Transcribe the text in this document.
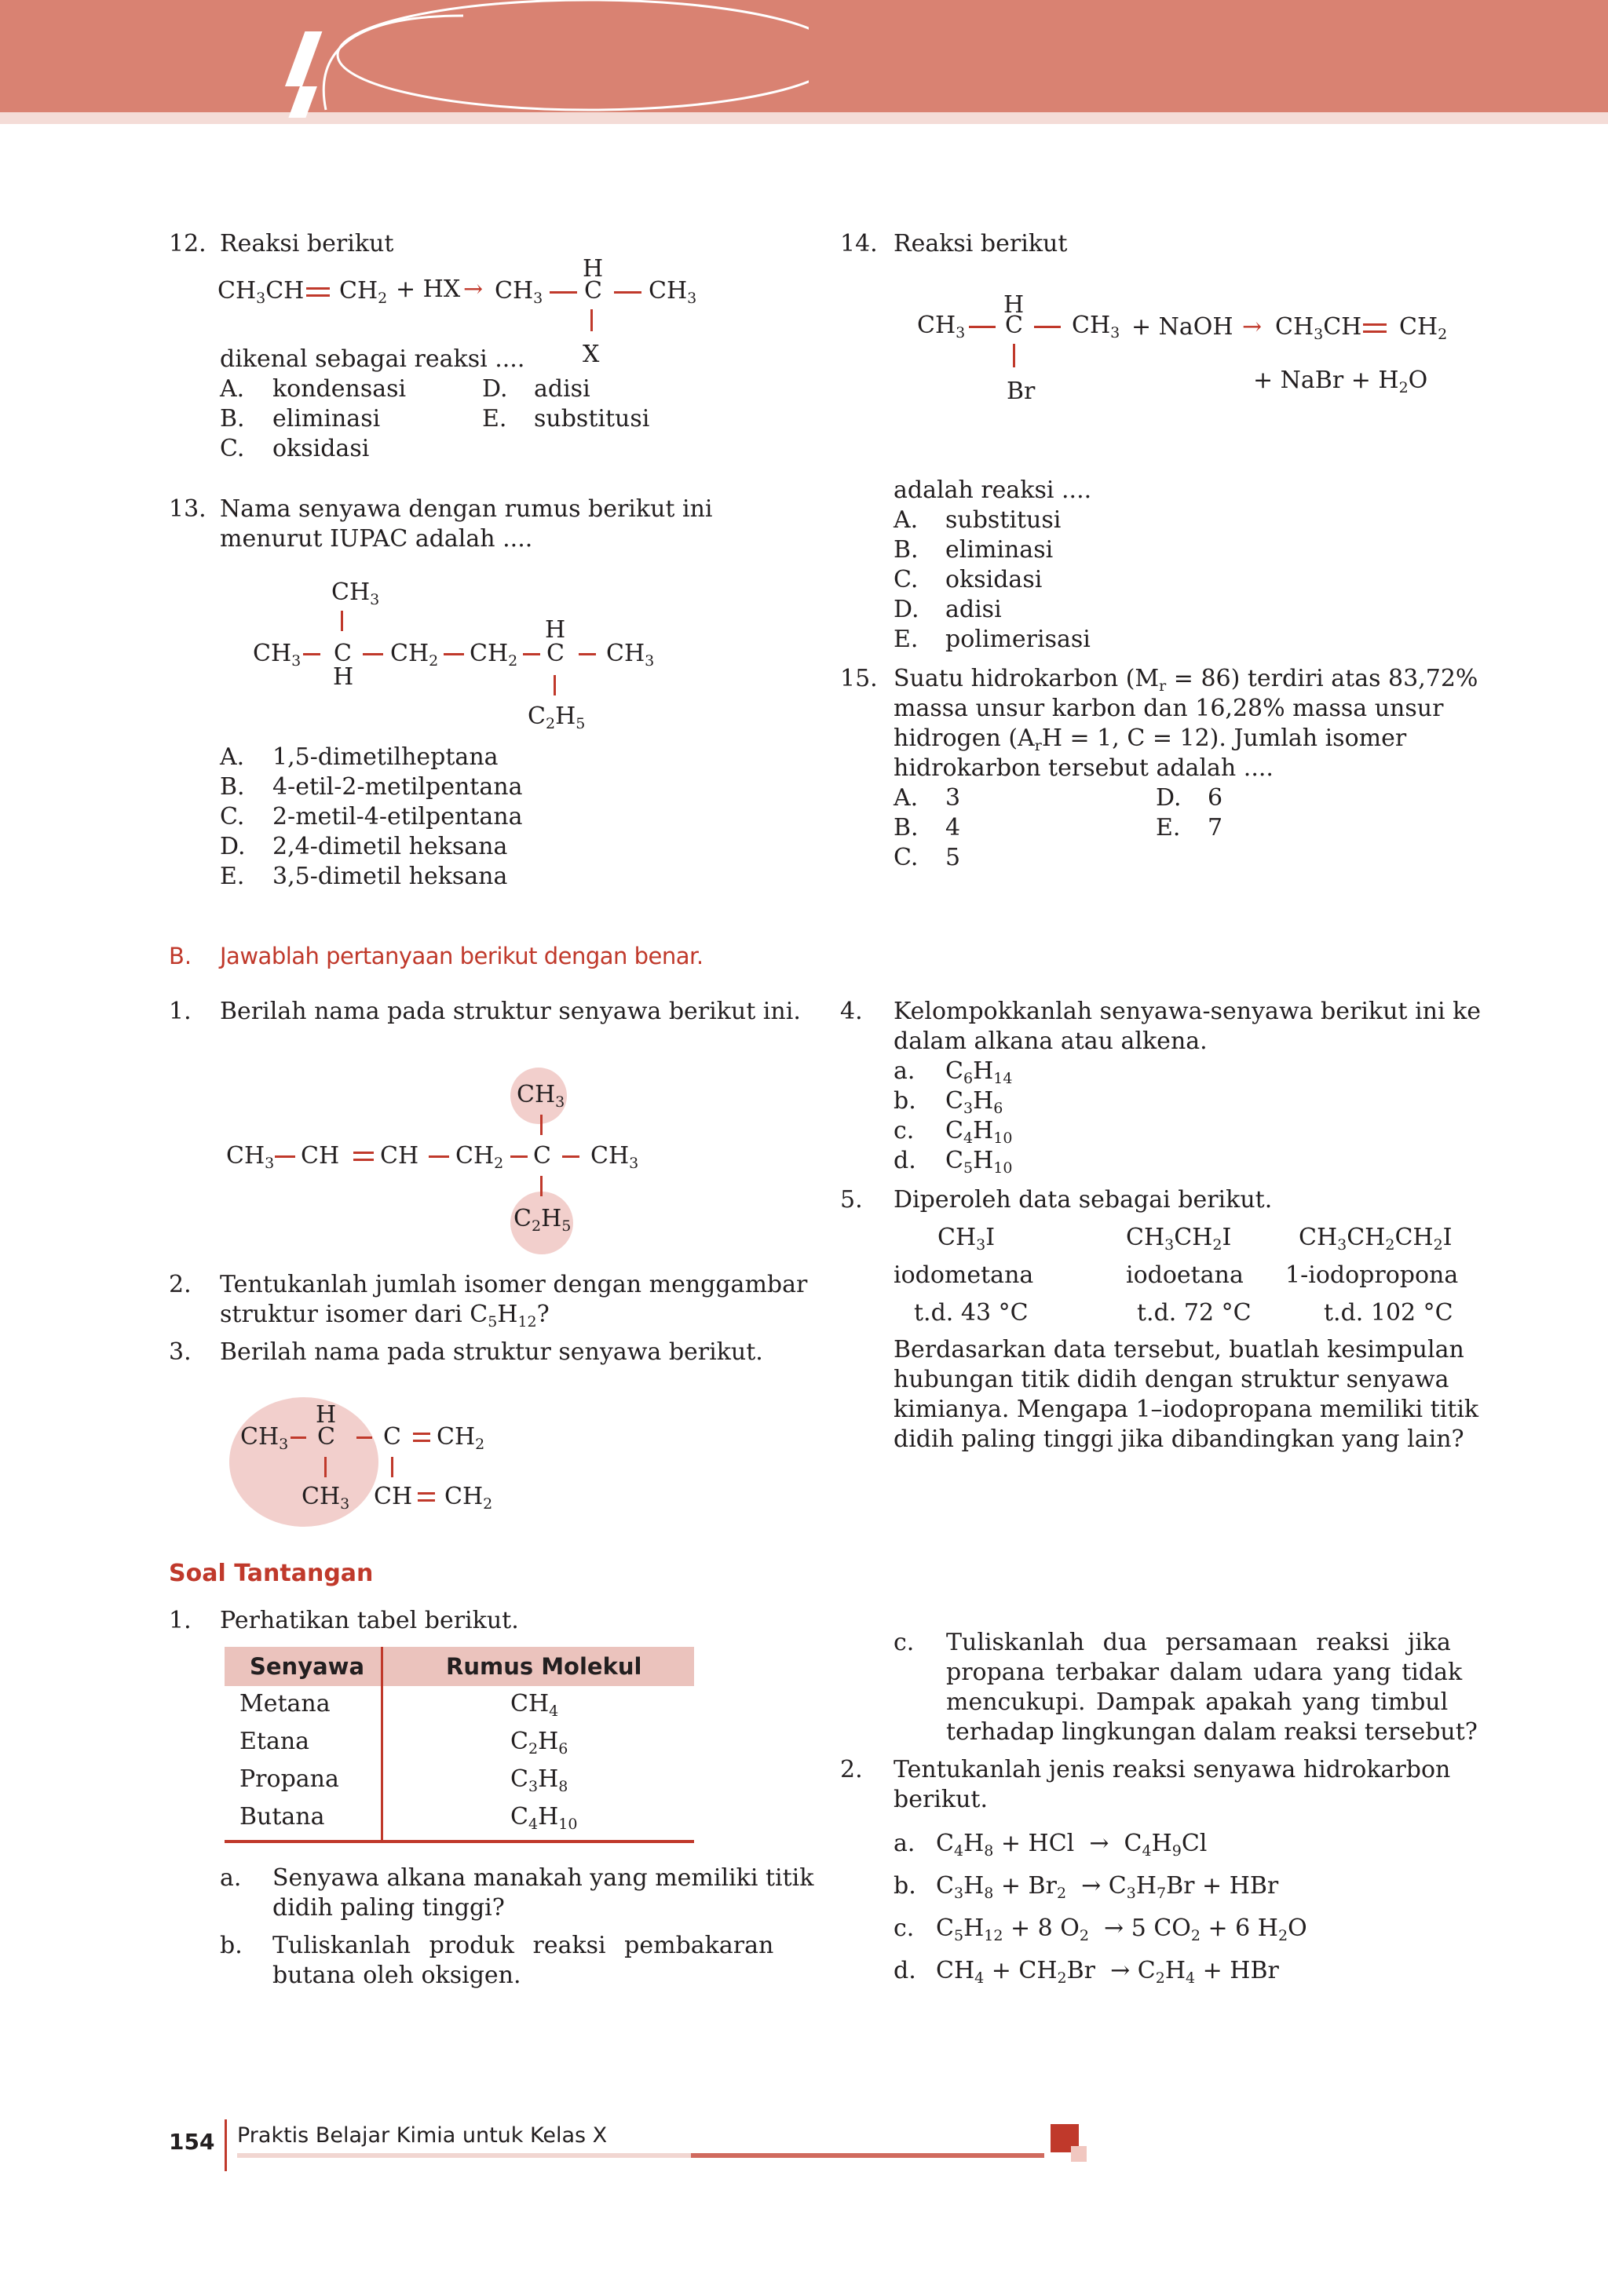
12. Reaksi berikut
$CH_3CH$ $CH_2$ + HX → $CH_3$
H
C
X
$CH_3$
dikenal sebagai reaksi ....
A. kondensasi
B. eliminasi
C. oksidasi
D. adisi
E. substitusi
13. Nama senyawa dengan rumus berikut ini
menurut IUPAC adalah ....
$CH_3$
$CH_3$ C
H
$CH_2$ $CH_2$
H
C $CH_3$
$C_2H_5$
A. 1,5-dimetilheptana
B. 4-etil-2-metilpentana
C. 2-metil-4-etilpentana
D. 2,4-dimetil heksana
E. 3,5-dimetil heksana
14. Reaksi berikut
$CH_3$
H
C
Br
$CH_3$ + NaOH → $CH_3CH$ $CH_2$
+ NaBr + $H_2O$
adalah reaksi ....
A. substitusi
B. eliminasi
C. oksidasi
D. adisi
E. polimerisasi
15. Suatu hidrokarbon $(M_r = 86)$ terdiri atas 83,72%
massa unsur karbon dan 16,28% massa unsur
hidrogen ($A_rH = 1$, C = 12). Jumlah isomer
hidrokarbon tersebut adalah ....
A. 3
B. 4
C. 5
D. 6
E. 7
B. Jawablah pertanyaan berikut dengan benar.
1. Berilah nama pada struktur senyawa berikut ini.
$CH_3$
$CH_3$ CH CH $CH_2$ C $CH_3$
$C_2H_5$
2. Tentukanlah jumlah isomer dengan menggambar
struktur isomer dari $C_5H_{12}$?
3. Berilah nama pada struktur senyawa berikut.
H
$CH_3$ C C $CH_2$
$CH_3$ CH $CH_2$
4. Kelompokkanlah senyawa-senyawa berikut ini ke
dalam alkana atau alkena.
a. $C_6H_{14}$
b. $C_3H_6$
c. $C_4H_{10}$
d. $C_5H_{10}$
5. Diperoleh data sebagai berikut.
$CH_3I$	$CH_3CH_2I$	$CH_3CH_2CH_2I$
iodometana	iodoetana 1-iodopropona
t.d. 43 °C	t.d. 72 °C	t.d. 102 °C
Berdasarkan data tersebut, buatlah kesimpulan
hubungan titik didih dengan struktur senyawa
kimianya. Mengapa 1–iodopropana memiliki titik
didih paling tinggi jika dibandingkan yang lain?
Soal Tantangan
1. Perhatikan tabel berikut.
Senyawa	Rumus Molekul
Metana	$CH_4$
Etana	$C_2H_6$
Propana	$C_3H_8$
Butana	$C_4H_{10}$
a. Senyawa alkana manakah yang memiliki titik
didih paling tinggi?
b. Tuliskanlah produk reaksi pembakaran
butana oleh oksigen.
c. Tuliskanlah dua persamaan reaksi jika
propana terbakar dalam udara yang tidak
mencukupi. Dampak apakah yang timbul
terhadap lingkungan dalam reaksi tersebut?
2. Tentukanlah jenis reaksi senyawa hidrokarbon
berikut.
a. $C_4H_8$ + HCl  →  $C_4H_9Cl$
b. $C_3H_8 + Br_2 \to C_3H_7Br$ + HBr
c. $C_5H_{12} + 8$ $O_2 \to 5$ $CO_2 + 6$ $H_2O$
d. $CH_4 + CH_2Br \to C_2H_4$ + HBr
154 Praktis Belajar Kimia untuk Kelas X
